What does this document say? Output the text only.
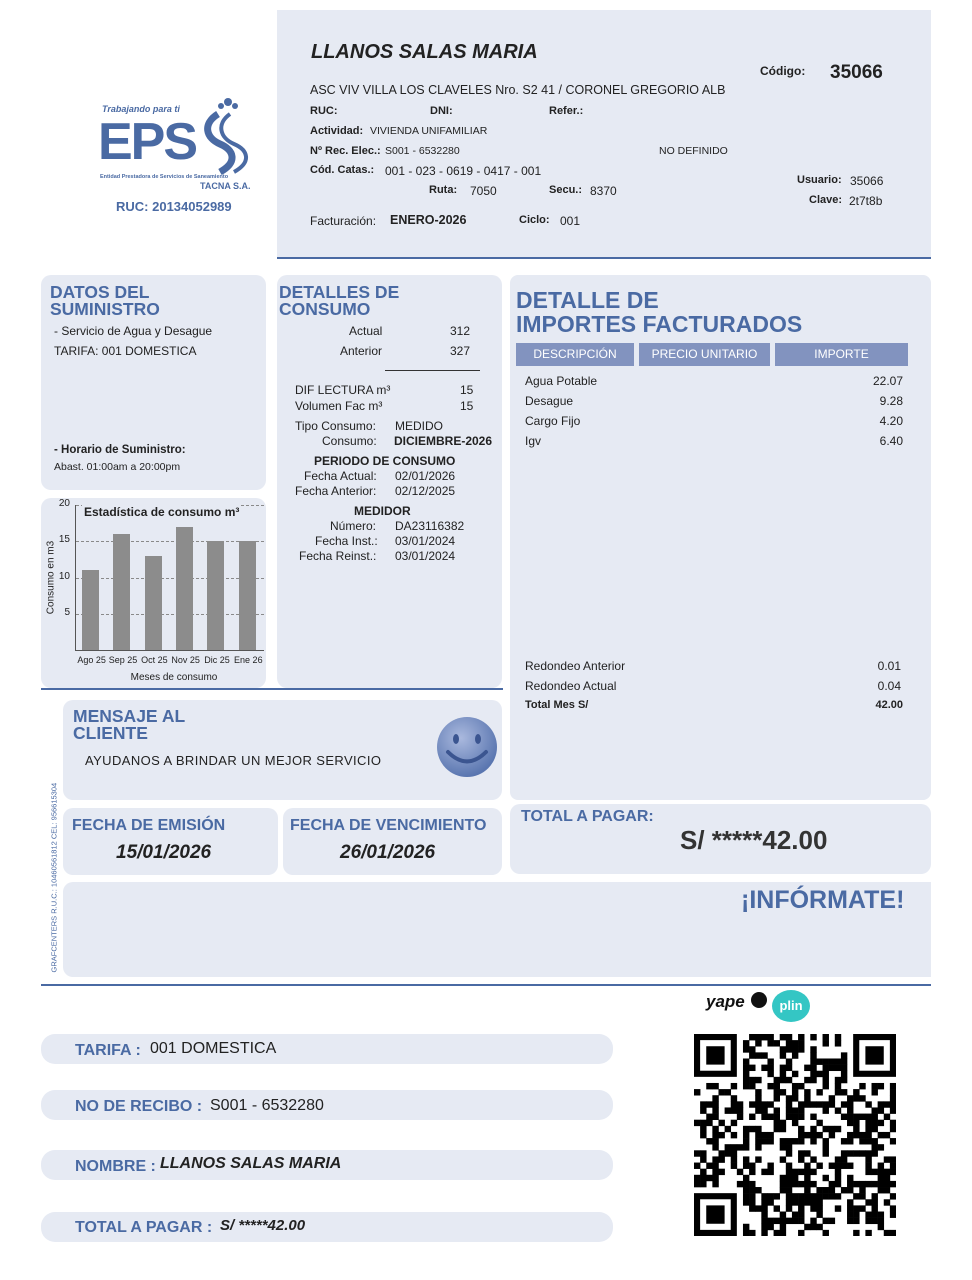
Trabajando para ti
EPS
Entidad Prestadora de Servicios de Saneamiento
TACNA S.A.
RUC: 20134052989
LLANOS SALAS MARIA
Código: 35066
ASC VIV VILLA LOS CLAVELES Nro. S2 41 / CORONEL GREGORIO ALB
RUC:	DNI:	Refer.:
Actividad: VIVIENDA UNIFAMILIAR
Nº Rec. Elec.: S001 - 6532280	NO DEFINIDO
Cód. Catas.: 001 - 023 - 0619 - 0417 - 001
Ruta: 7050	Secu.: 8370
Usuario: 35066
Clave: 2t7t8b
Facturación: ENERO-2026	Ciclo: 001
DATOS DEL
SUMINISTRO
- Servicio de Agua y Desague
TARIFA: 001 DOMESTICA
- Horario de Suministro:
Abast. 01:00am a 20:00pm
Consumo en m3 5
10
15
20
Ago 25 Sep 25 Oct 25 Nov 25 Dic 25 Ene 26
Estadística de consumo m³
Meses de consumo
DETALLES DE
CONSUMO
Actual	312
Anterior	327
DIF LECTURA m³	15
Volumen Fac m³	15
Tipo Consumo: MEDIDO
Consumo: DICIEMBRE-2026
PERIODO DE CONSUMO
Fecha Actual: 02/01/2026
Fecha Anterior: 02/12/2025
MEDIDOR
Número: DA23116382
Fecha Inst.: 03/01/2024
Fecha Reinst.: 03/01/2024
DETALLE DE
IMPORTES FACTURADOS
DESCRIPCIÓN	PRECIO UNITARIO	IMPORTE
Agua Potable	22.07
Desague	9.28
Cargo Fijo	4.20
Igv	6.40
Redondeo Anterior	0.01
Redondeo Actual	0.04
Total Mes S/	42.00
MENSAJE AL
CLIENTE
AYUDANOS A BRINDAR UN MEJOR SERVICIO
GRAFCENTERS R.U.C.: 10460561812 CEL: 956615304 FECHA DE EMISIÓN
15/01/2026
FECHA DE VENCIMIENTO
26/01/2026
TOTAL A PAGAR:
S/ *****42.00
¡INFÓRMATE!
yape	plin
TARIFA : 001 DOMESTICA
NO DE RECIBO : S001 - 6532280
NOMBRE : LLANOS SALAS MARIA
TOTAL A PAGAR : S/ *****42.00
